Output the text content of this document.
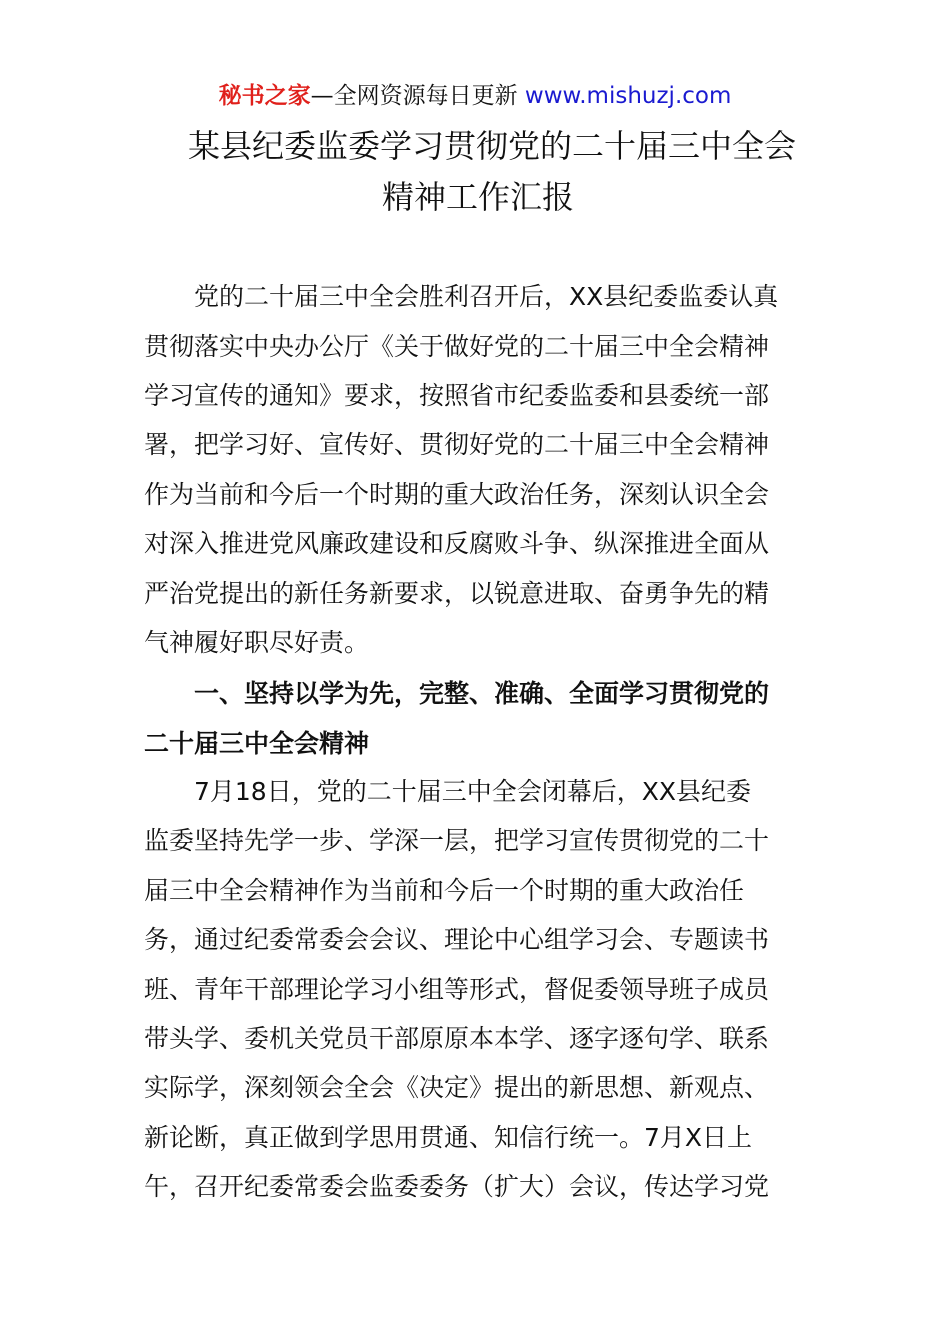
秘书之家—全网资源每日更新 www.mishuzj.com
某县纪委监委学习贯彻党的二十届三中全会
精神工作汇报
　　党的二十届三中全会胜利召开后，XX县纪委监委认真
贯彻落实中央办公厅《关于做好党的二十届三中全会精神
学习宣传的通知》要求，按照省市纪委监委和县委统一部
署，把学习好、宣传好、贯彻好党的二十届三中全会精神
作为当前和今后一个时期的重大政治任务，深刻认识全会
对深入推进党风廉政建设和反腐败斗争、纵深推进全面从
严治党提出的新任务新要求，以锐意进取、奋勇争先的精
气神履好职尽好责。
　　一、坚持以学为先，完整、准确、全面学习贯彻党的
二十届三中全会精神
　　7月18日，党的二十届三中全会闭幕后，XX县纪委
监委坚持先学一步、学深一层，把学习宣传贯彻党的二十
届三中全会精神作为当前和今后一个时期的重大政治任
务，通过纪委常委会会议、理论中心组学习会、专题读书
班、青年干部理论学习小组等形式，督促委领导班子成员
带头学、委机关党员干部原原本本学、逐字逐句学、联系
实际学，深刻领会全会《决定》提出的新思想、新观点、
新论断，真正做到学思用贯通、知信行统一。7月X日上
午，召开纪委常委会监委委务（扩大）会议，传达学习党
